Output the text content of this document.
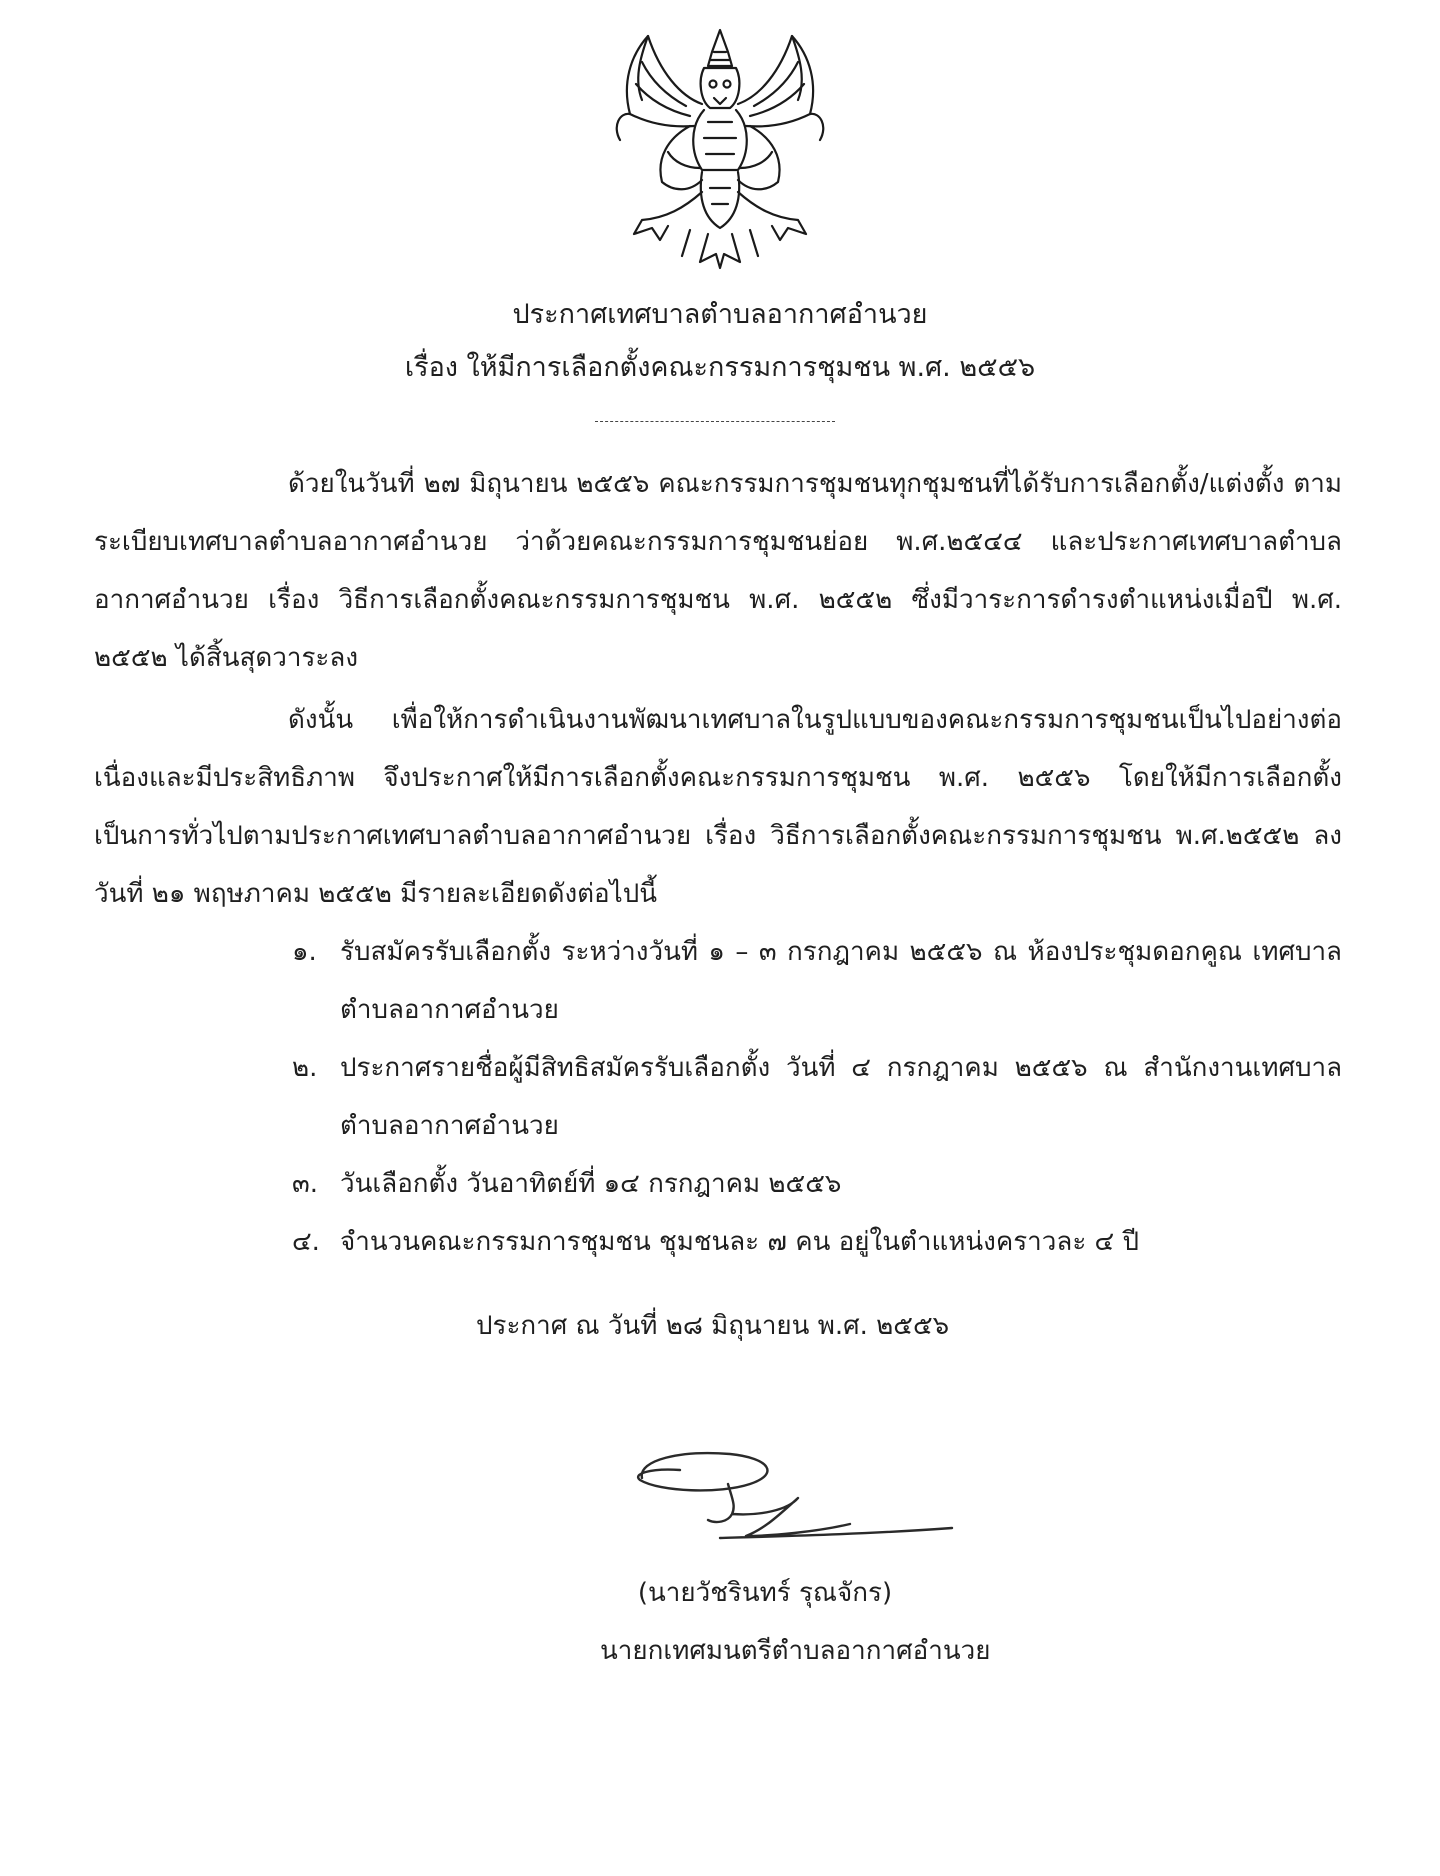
ประกาศเทศบาลตำบลอากาศอำนวย
เรื่อง ให้มีการเลือกตั้งคณะกรรมการชุมชน พ.ศ. ๒๕๕๖
ด้วยในวันที่ ๒๗ มิถุนายน ๒๕๕๖ คณะกรรมการชุมชนทุกชุมชนที่ได้รับการเลือกตั้ง/แต่งตั้ง ตามระเบียบเทศบาลตำบลอากาศอำนวย ว่าด้วยคณะกรรมการชุมชนย่อย พ.ศ.๒๕๔๔ และประกาศเทศบาลตำบลอากาศอำนวย เรื่อง วิธีการเลือกตั้งคณะกรรมการชุมชน พ.ศ. ๒๕๕๒ ซึ่งมีวาระการดำรงตำแหน่งเมื่อปี พ.ศ. ๒๕๕๒ ได้สิ้นสุดวาระลง
ดังนั้น เพื่อให้การดำเนินงานพัฒนาเทศบาลในรูปแบบของคณะกรรมการชุมชนเป็นไปอย่างต่อเนื่องและมีประสิทธิภาพ จึงประกาศให้มีการเลือกตั้งคณะกรรมการชุมชน พ.ศ. ๒๕๕๖ โดยให้มีการเลือกตั้งเป็นการทั่วไปตามประกาศเทศบาลตำบลอากาศอำนวย เรื่อง วิธีการเลือกตั้งคณะกรรมการชุมชน พ.ศ.๒๕๕๒ ลงวันที่ ๒๑ พฤษภาคม ๒๕๕๒ มีรายละเอียดดังต่อไปนี้
๑. รับสมัครรับเลือกตั้ง ระหว่างวันที่ ๑ – ๓ กรกฎาคม ๒๕๕๖ ณ ห้องประชุมดอกคูณ เทศบาลตำบลอากาศอำนวย
๒. ประกาศรายชื่อผู้มีสิทธิสมัครรับเลือกตั้ง วันที่ ๔ กรกฎาคม ๒๕๕๖ ณ สำนักงานเทศบาลตำบลอากาศอำนวย
๓. วันเลือกตั้ง วันอาทิตย์ที่ ๑๔ กรกฎาคม ๒๕๕๖
๔. จำนวนคณะกรรมการชุมชน ชุมชนละ ๗ คน อยู่ในตำแหน่งคราวละ ๔ ปี
ประกาศ ณ วันที่ ๒๘ มิถุนายน พ.ศ. ๒๕๕๖
(นายวัชรินทร์ รุณจักร)
นายกเทศมนตรีตำบลอากาศอำนวย
